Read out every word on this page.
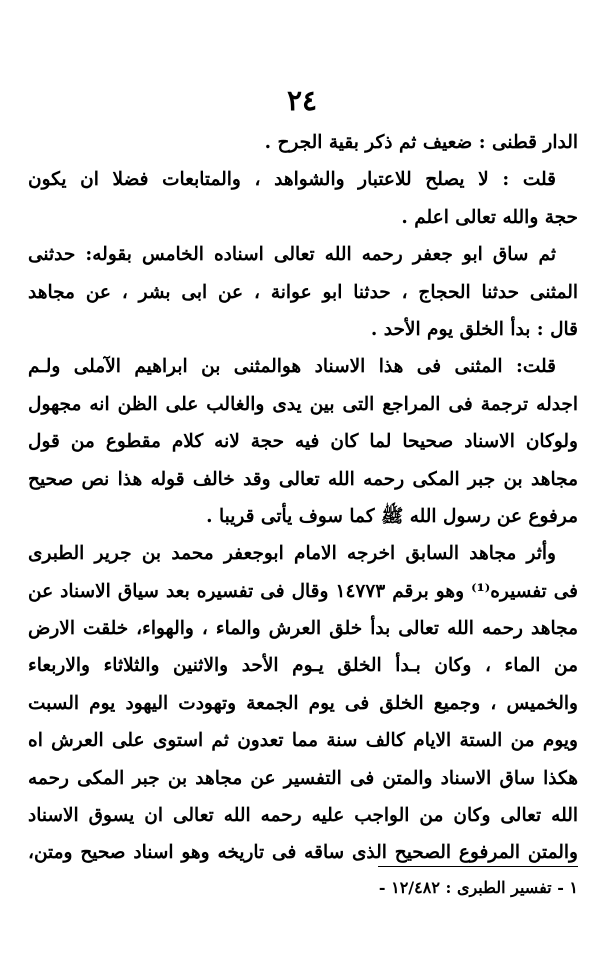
٢٤
الدار قطنى : ضعيف ثم ذكر بقية الجرح .
قلت : لا يصلح للاعتبار والشواهد ، والمتابعات فضلا ان يكون
حجة والله تعالى اعلم .
ثم ساق ابو جعفر رحمه الله تعالى اسناده الخامس بقوله: حدثنى
المثنى حدثنا الحجاج ، حدثنا ابو عوانة ، عن ابى بشر ، عن مجاهد
قال : بدأ الخلق يوم الأحد .
قلت: المثنى فى هذا الاسناد هوالمثنى بن ابراهيم الآملى ولـم
اجدله ترجمة فى المراجع التى بين يدى والغالب على الظن انه مجهول
ولوكان الاسناد صحيحا لما كان فيه حجة لانه كلام مقطوع من قول
مجاهد بن جبر المكى رحمه الله تعالى وقد خالف قوله هذا نص صحيح
مرفوع عن رسول الله ﷺ كما سوف يأتى قريبا .
وأثر مجاهد السابق اخرجه الامام ابوجعفر محمد بن جرير الطبرى
فى تفسيره⁽¹⁾ وهو برقم ١٤٧٧٣ وقال فى تفسيره بعد سياق الاسناد عن
مجاهد رحمه الله تعالى بدأ خلق العرش والماء ، والهواء، خلقت الارض
من الماء ، وكان بـدأ الخلق يـوم الأحد والاثنين والثلاثاء والاربعاء
والخميس ، وجميع الخلق فى يوم الجمعة وتهودت اليهود يوم السبت
ويوم من الستة الايام كالف سنة مما تعدون ثم استوى على العرش اه
هكذا ساق الاسناد والمتن فى التفسير عن مجاهد بن جبر المكى رحمه
الله تعالى وكان من الواجب عليه رحمه الله تعالى ان يسوق الاسناد
والمتن المرفوع الصحيح الذى ساقه فى تاريخه وهو اسناد صحيح ومتن،
١ - تفسير الطبرى : ١٢/٤٨٢ -
